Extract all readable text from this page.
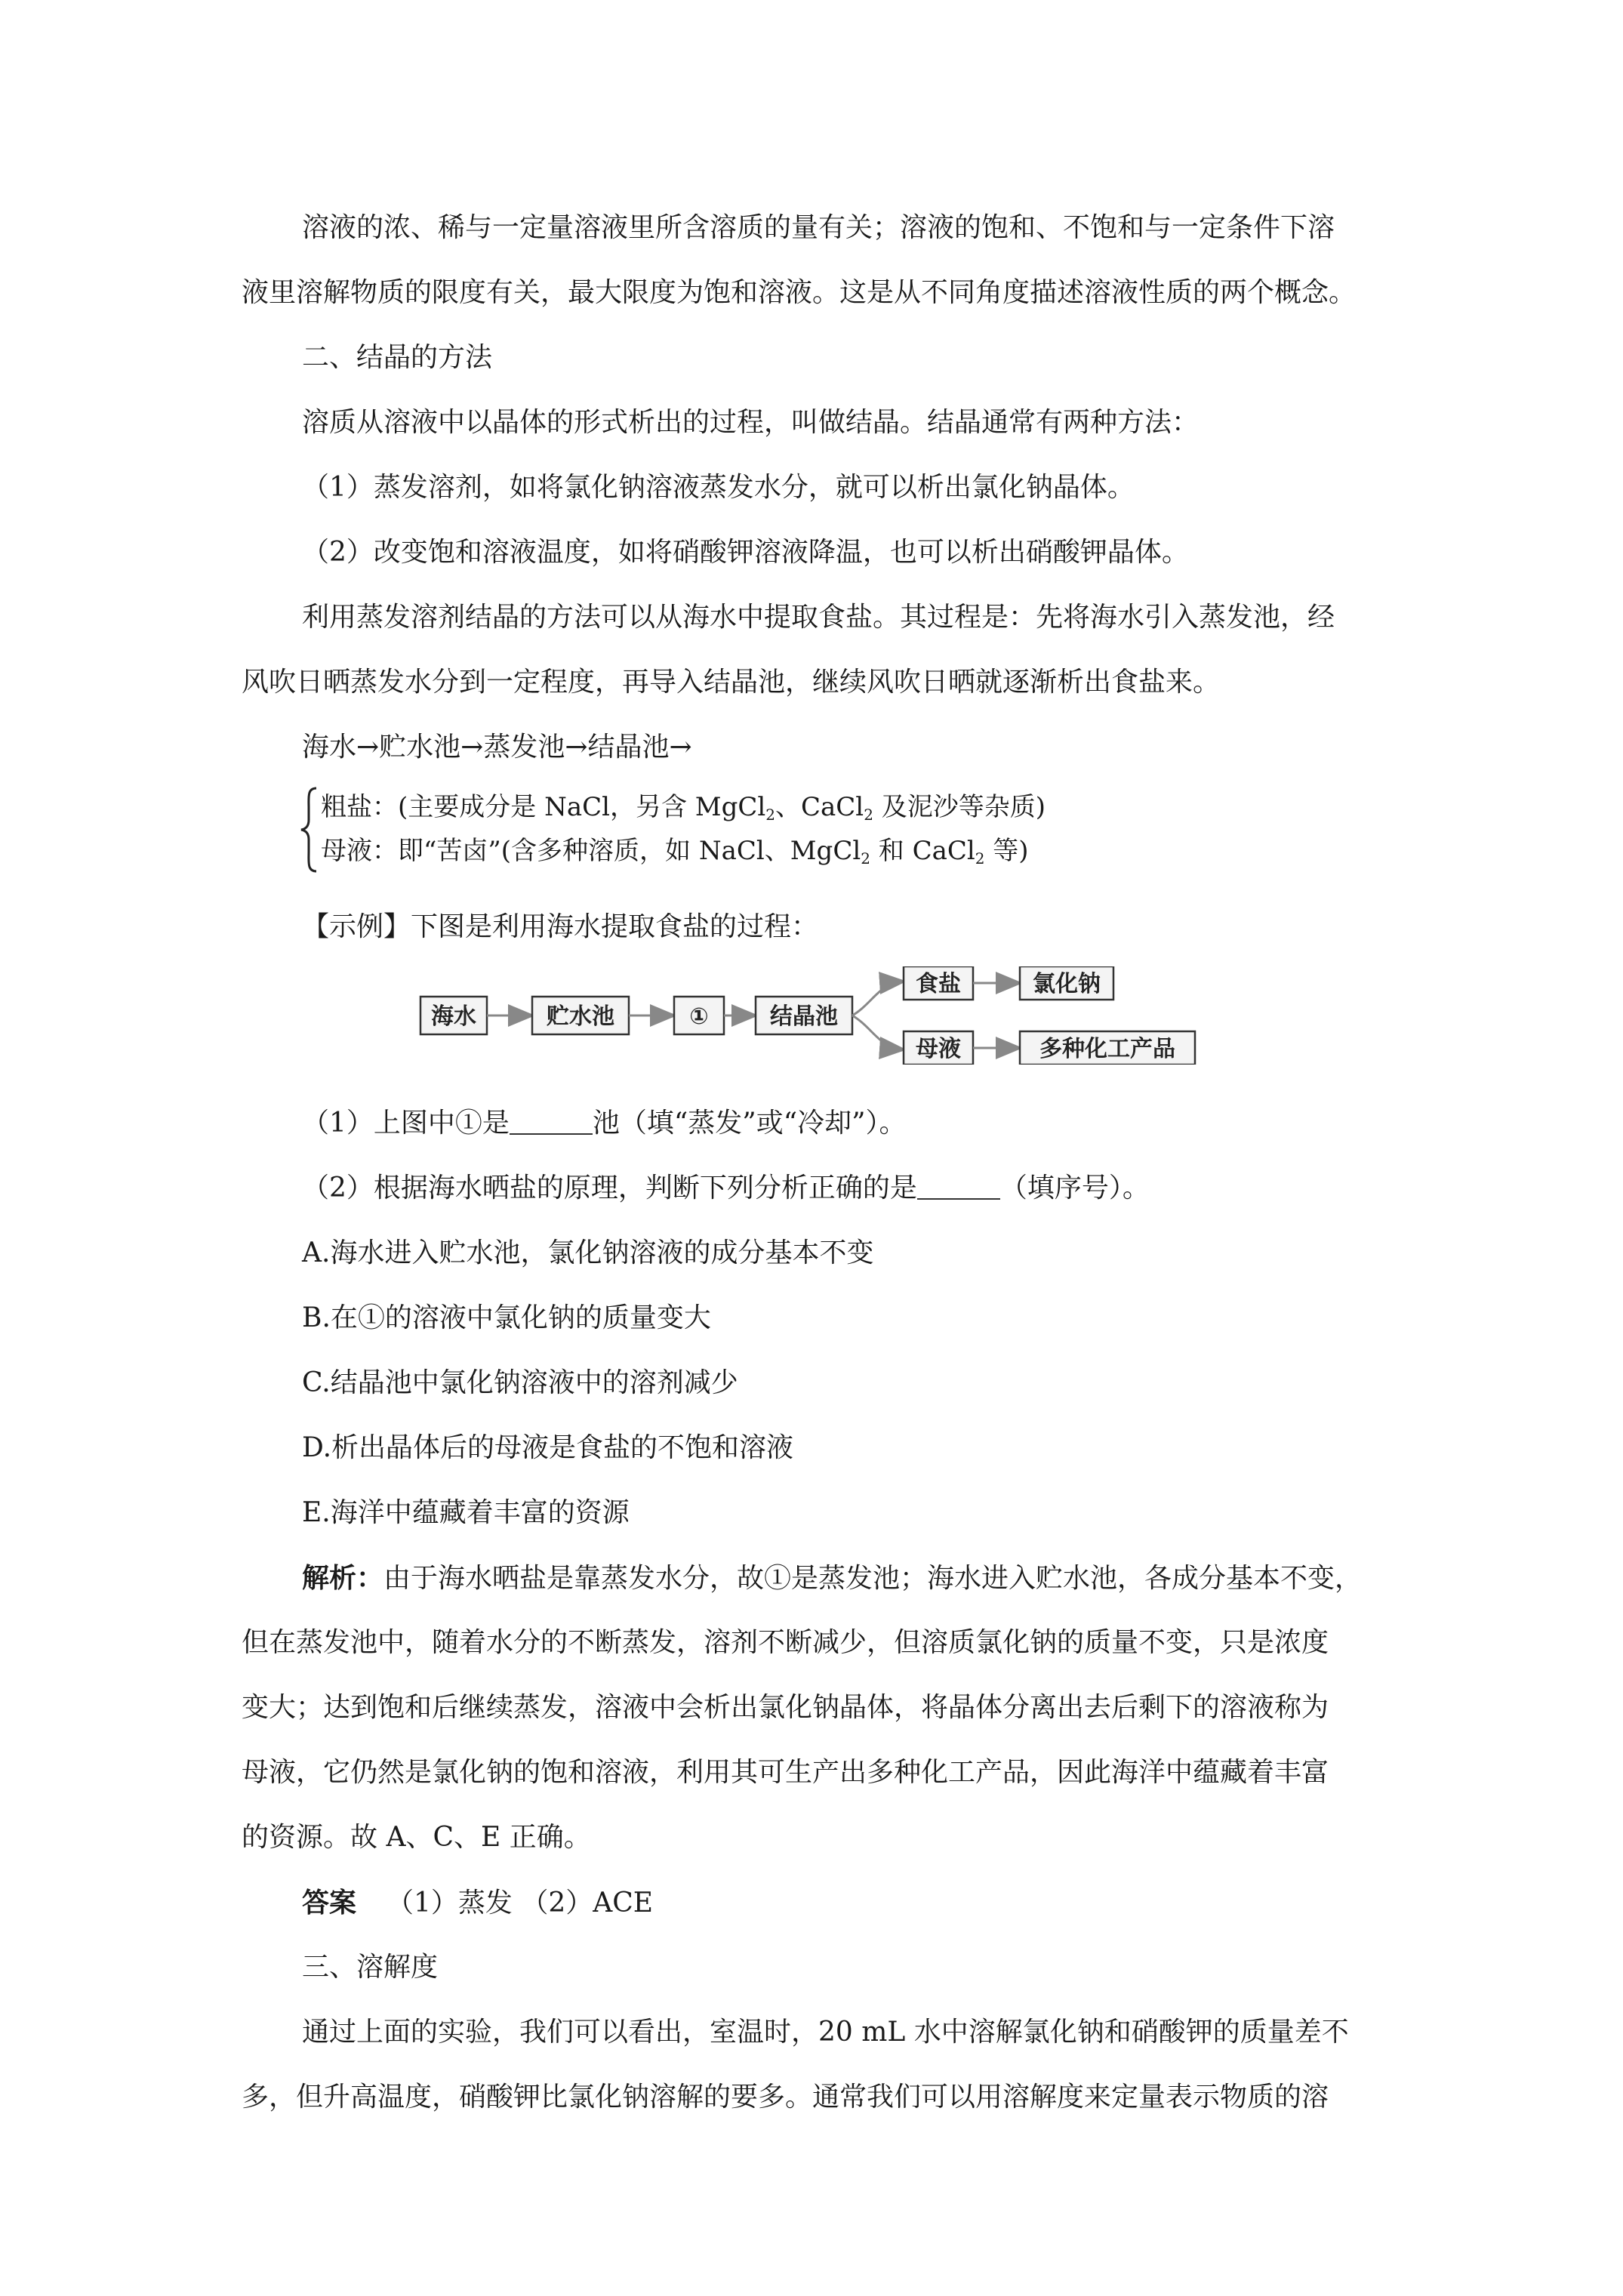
溶液的浓、稀与一定量溶液里所含溶质的量有关；溶液的饱和、不饱和与一定条件下溶
液里溶解物质的限度有关，最大限度为饱和溶液。这是从不同角度描述溶液性质的两个概念。
二、结晶的方法
溶质从溶液中以晶体的形式析出的过程，叫做结晶。结晶通常有两种方法：
（1）蒸发溶剂，如将氯化钠溶液蒸发水分，就可以析出氯化钠晶体。
（2）改变饱和溶液温度，如将硝酸钾溶液降温，也可以析出硝酸钾晶体。
利用蒸发溶剂结晶的方法可以从海水中提取食盐。其过程是：先将海水引入蒸发池，经
风吹日晒蒸发水分到一定程度，再导入结晶池，继续风吹日晒就逐渐析出食盐来。
海水→贮水池→蒸发池→结晶池→
粗盐：(主要成分是 NaCl，另含 MgCl$_2$、CaCl$_2$ 及泥沙等杂质)
母液：即“苦卤”(含多种溶质，如 NaCl、MgCl$_2$ 和 CaCl$_2$ 等)
【示例】下图是利用海水提取食盐的过程：
海水	贮水池	①	结晶池
食盐	氯化钠
母液	多种化工产品
（1）上图中①是	池（填“蒸发”或“冷却”）。
（2）根据海水晒盐的原理，判断下列分析正确的是	（填序号）。
A.海水进入贮水池，氯化钠溶液的成分基本不变
B.在①的溶液中氯化钠的质量变大
C.结晶池中氯化钠溶液中的溶剂减少
D.析出晶体后的母液是食盐的不饱和溶液
E.海洋中蕴藏着丰富的资源
解析：由于海水晒盐是靠蒸发水分，故①是蒸发池；海水进入贮水池，各成分基本不变，
但在蒸发池中，随着水分的不断蒸发，溶剂不断减少，但溶质氯化钠的质量不变，只是浓度
变大；达到饱和后继续蒸发，溶液中会析出氯化钠晶体，将晶体分离出去后剩下的溶液称为
母液，它仍然是氯化钠的饱和溶液，利用其可生产出多种化工产品，因此海洋中蕴藏着丰富
的资源。故 A、C、E 正确。
答案 （1）蒸发 （2）ACE
三、溶解度
通过上面的实验，我们可以看出，室温时，20 mL 水中溶解氯化钠和硝酸钾的质量差不
多，但升高温度，硝酸钾比氯化钠溶解的要多。通常我们可以用溶解度来定量表示物质的溶
